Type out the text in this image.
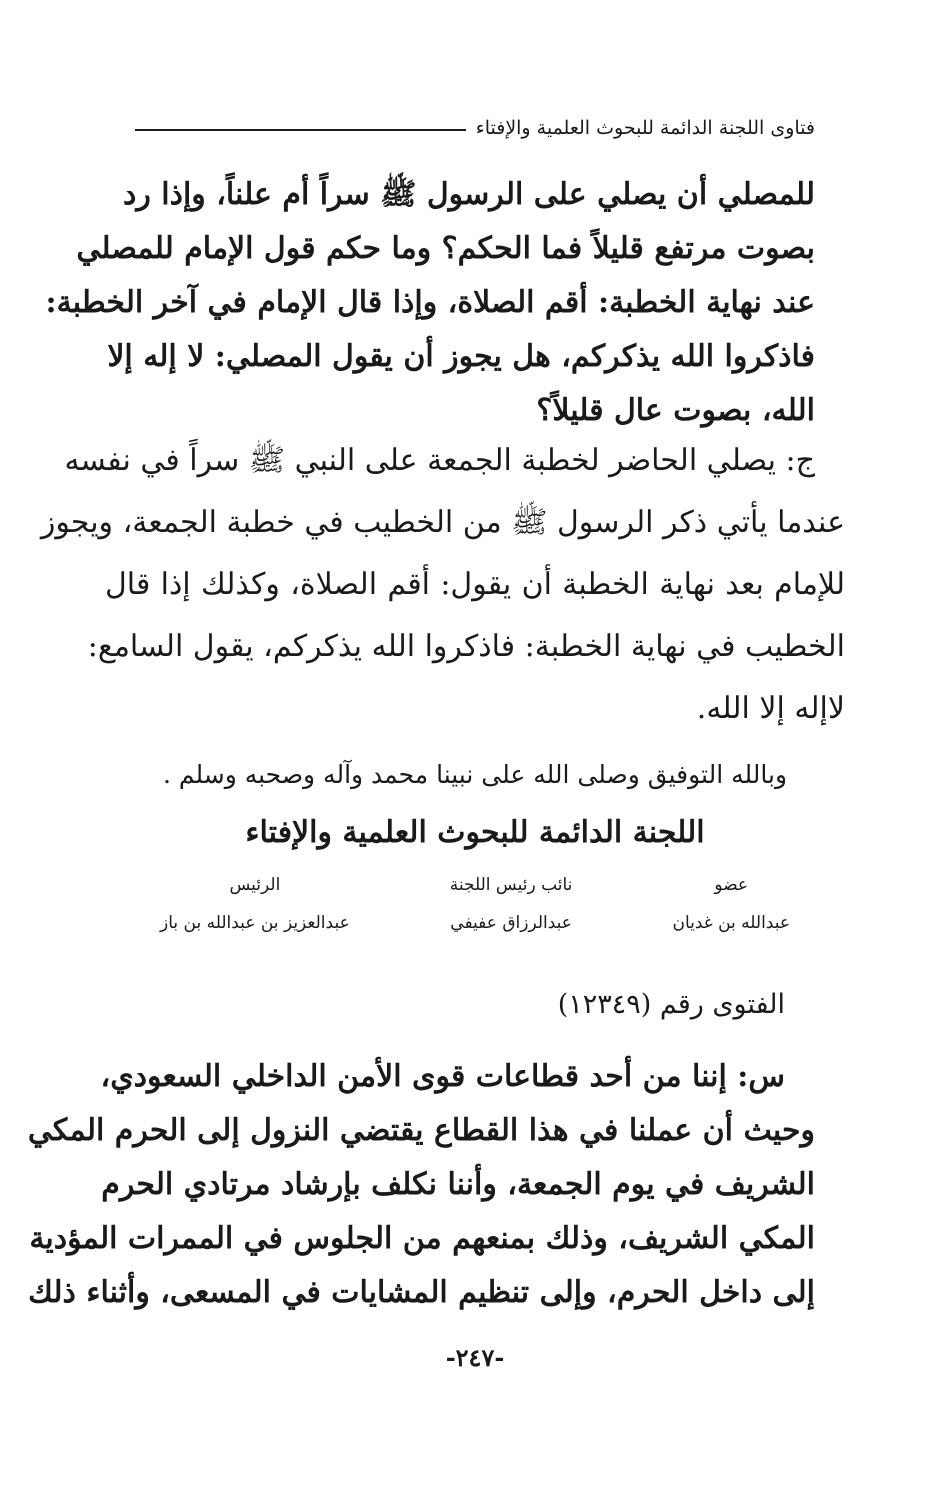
فتاوى اللجنة الدائمة للبحوث العلمية والإفتاء
للمصلي أن يصلي على الرسول ﷺ سراً أم علناً، وإذا رد
بصوت مرتفع قليلاً فما الحكم؟ وما حكم قول الإمام للمصلي
عند نهاية الخطبة: أقم الصلاة، وإذا قال الإمام في آخر الخطبة:
فاذكروا الله يذكركم، هل يجوز أن يقول المصلي: لا إله إلا
الله، بصوت عال قليلاً؟
ج: يصلي الحاضر لخطبة الجمعة على النبي ﷺ سراً في نفسه
عندما يأتي ذكر الرسول ﷺ من الخطيب في خطبة الجمعة، ويجوز
للإمام بعد نهاية الخطبة أن يقول: أقم الصلاة، وكذلك إذا قال
الخطيب في نهاية الخطبة: فاذكروا الله يذكركم، يقول السامع:
لاإله إلا الله.
وبالله التوفيق وصلى الله على نبينا محمد وآله وصحبه وسلم .
اللجنة الدائمة للبحوث العلمية والإفتاء
عضو
عبدالله بن غديان
نائب رئيس اللجنة
عبدالرزاق عفيفي
الرئيس
عبدالعزيز بن عبدالله بن باز
الفتوى رقم (١٢٣٤٩)
س: إننا من أحد قطاعات قوى الأمن الداخلي السعودي،
وحيث أن عملنا في هذا القطاع يقتضي النزول إلى الحرم المكي
الشريف في يوم الجمعة، وأننا نكلف بإرشاد مرتادي الحرم
المكي الشريف، وذلك بمنعهم من الجلوس في الممرات المؤدية
إلى داخل الحرم، وإلى تنظيم المشايات في المسعى، وأثناء ذلك
-٢٤٧-
